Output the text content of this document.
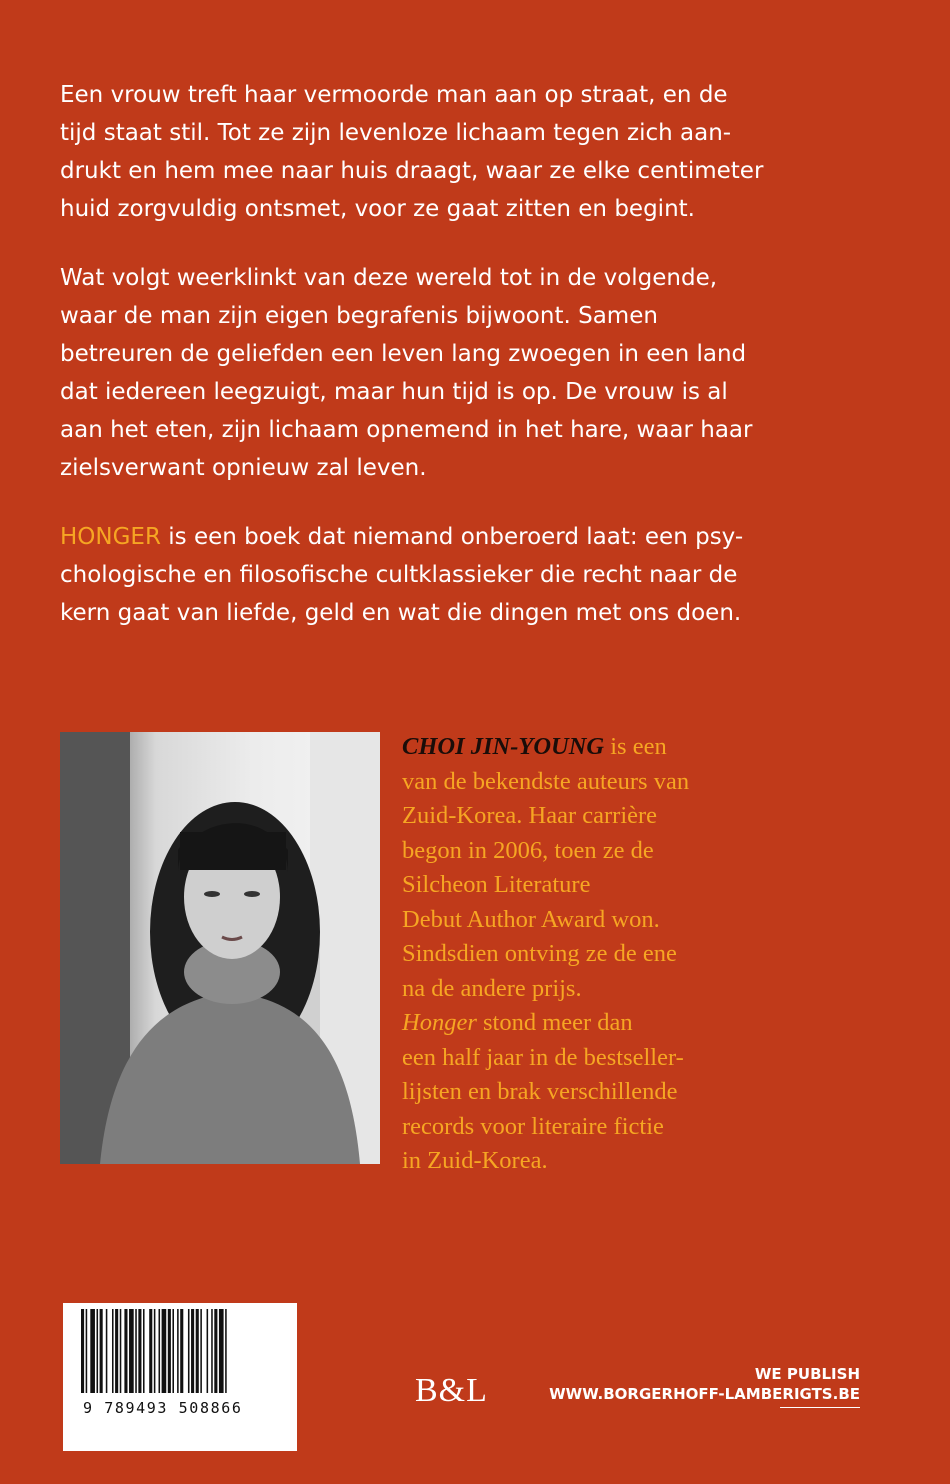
Een vrouw treft haar vermoorde man aan op straat, en de
tijd staat stil. Tot ze zijn levenloze lichaam tegen zich aan-
drukt en hem mee naar huis draagt, waar ze elke centimeter
huid zorgvuldig ontsmet, voor ze gaat zitten en begint.

Wat volgt weerklinkt van deze wereld tot in de volgende,
waar de man zijn eigen begrafenis bijwoont. Samen
betreuren de geliefden een leven lang zwoegen in een land
dat iedereen leegzuigt, maar hun tijd is op. De vrouw is al
aan het eten, zijn lichaam opnemend in het hare, waar haar
zielsverwant opnieuw zal leven.

HONGER is een boek dat niemand onberoerd laat: een psy-
chologische en filosofische cultklassieker die recht naar de
kern gaat van liefde, geld en wat die dingen met ons doen.

CHOI JIN-YOUNG is een
van de bekendste auteurs van
Zuid-Korea. Haar carrière
begon in 2006, toen ze de
Silcheon Literature
Debut Author Award won.
Sindsdien ontving ze de ene
na de andere prijs.
Honger stond meer dan
een half jaar in de bestseller-
lijsten en brak verschillende
records voor literaire fictie
in Zuid-Korea.
9 789493 508866	B&L	WE PUBLISH
WWW.BORGERHOFF-LAMBERIGTS.BE
